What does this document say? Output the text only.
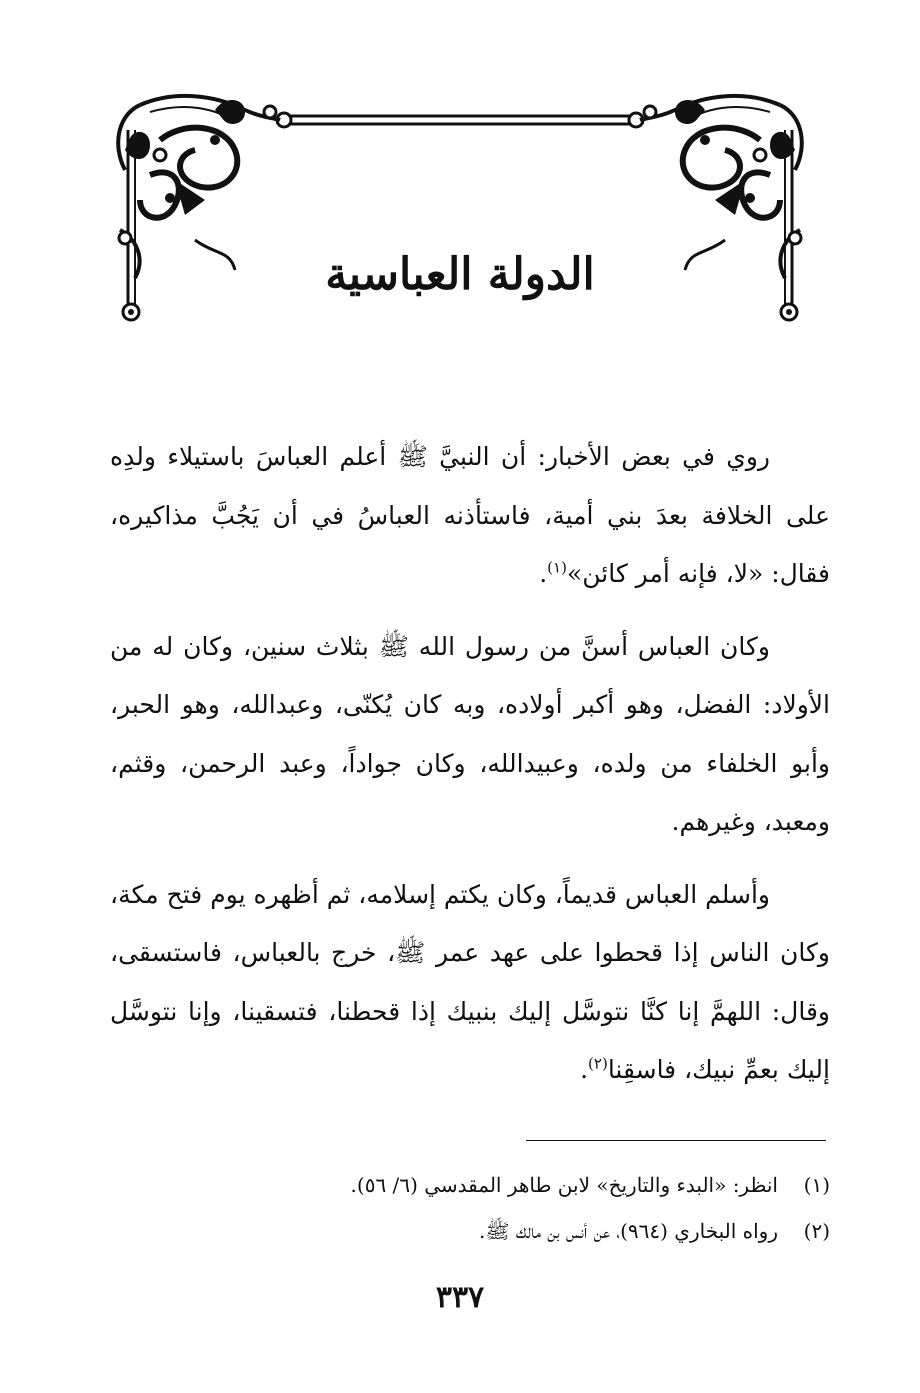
الدولة العباسية

روي في بعض الأخبار: أن النبيَّ ﷺ أعلم العباسَ باستيلاء ولدِه على الخلافة بعدَ بني أمية، فاستأذنه العباسُ في أن يَجُبَّ مذاكيره، فقال: «لا، فإنه أمر كائن»$^{(١)}$.

وكان العباس أسنَّ من رسول الله ﷺ بثلاث سنين، وكان له من الأولاد: الفضل، وهو أكبر أولاده، وبه كان يُكنّى، وعبدالله، وهو الحبر، وأبو الخلفاء من ولده، وعبيدالله، وكان جواداً، وعبد الرحمن، وقثم، ومعبد، وغيرهم.

وأسلم العباس قديماً، وكان يكتم إسلامه، ثم أظهره يوم فتح مكة، وكان الناس إذا قحطوا على عهد عمر ﷺ، خرج بالعباس، فاستسقى، وقال: اللهمَّ إنا كنَّا نتوسَّل إليك بنبيك إذا قحطنا، فتسقينا، وإنا نتوسَّل إليك بعمِّ نبيك، فاسقِنا$^{(٢)}$.

(١)
انظر: «البدء والتاريخ» لابن طاهر المقدسي (٦/ ٥٦).
(٢)
رواه البخاري (٩٦٤)، عن أنس بن مالك ﷺ.
٣٣٧
